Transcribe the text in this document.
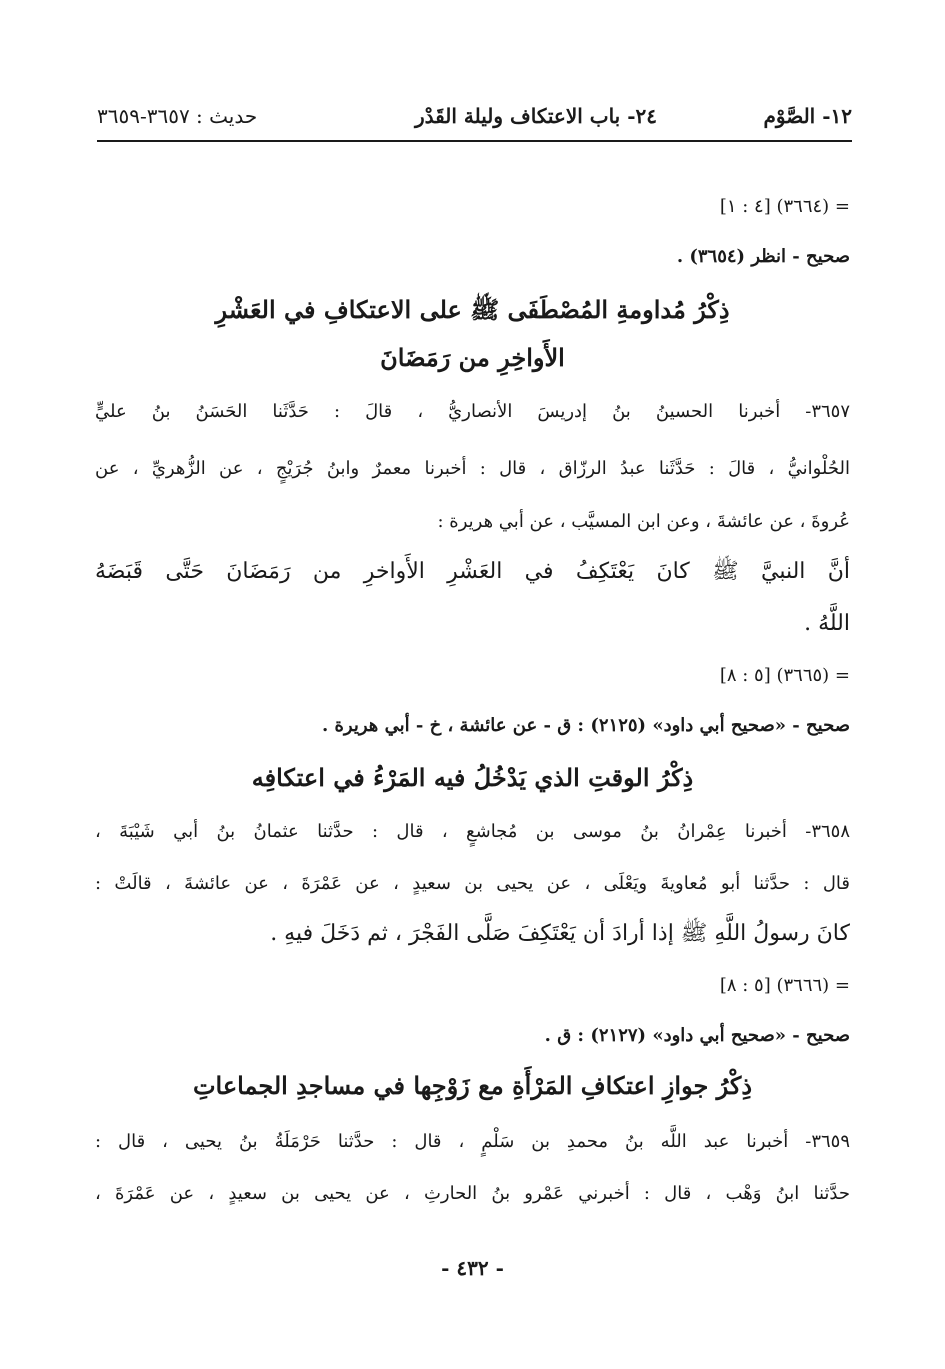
١٢- الصَّوْم
٢٤- باب الاعتكاف وليلة القَدْر
حديث : ٣٦٥٧-٣٦٥٩
= (٣٦٦٤) [٤ : ١]
صحيح - انظر (٣٦٥٤) .
ذِكْرُ مُداومةِ المُصْطَفَى ﷺ على الاعتكافِ في العَشْرِ
الأَواخِرِ من رَمَضَانَ
٣٦٥٧- أخبرنا الحسينُ بنُ إدريسَ الأنصاريُّ ، قالَ : حَدَّثَنا الحَسَنُ بنُ عليٍّ
الحُلْوانيُّ ، قالَ : حَدَّثَنا عبدُ الرزّاق ، قال : أخبرنا معمرٌ وابنُ جُرَيْجٍ ، عن الزُّهريِّ ، عن
عُروةَ ، عن عائشةَ ، وعن ابن المسيَّب ، عن أبي هريرة :
أنَّ النبيَّ ﷺ كانَ يَعْتَكِفُ في العَشْرِ الأَواخرِ من رَمَضَانَ حَتَّى قَبَضَهُ
اللَّهُ .
= (٣٦٦٥) [٥ : ٨]
صحيح - «صحيح أبي داود» (٢١٢٥) : ق - عن عائشة ، خ - أبي هريرة .
ذِكْرُ الوقتِ الذي يَدْخُلُ فيه المَرْءُ في اعتكافِه
٣٦٥٨- أخبرنا عِمْرانُ بنُ موسى بن مُجاشعٍ ، قال : حدَّثنا عثمانُ بنُ أبي شَيْبَةَ ،
قال : حدَّثنا أبو مُعاويةَ ويَعْلَى ، عن يحيى بن سعيدٍ ، عن عَمْرَةَ ، عن عائشةَ ، قالَتْ :
كانَ رسولُ اللَّهِ ﷺ إذا أرادَ أن يَعْتَكِفَ صَلَّى الفَجْرَ ، ثم دَخَلَ فيهِ .
= (٣٦٦٦) [٥ : ٨]
صحيح - «صحيح أبي داود» (٢١٢٧) : ق .
ذِكْرُ جوازِ اعتكافِ المَرْأَةِ مع زَوْجِها في مساجدِ الجماعاتِ
٣٦٥٩- أخبرنا عبد اللَّه بنُ محمدِ بن سَلْمٍ ، قال : حدَّثنا حَرْمَلَةُ بنُ يحيى ، قال :
حدَّثنا ابنُ وَهْب ، قال : أخبرني عَمْرو بنُ الحارثِ ، عن يحيى بن سعيدٍ ، عن عَمْرَةَ ،
- ٤٣٢ -
